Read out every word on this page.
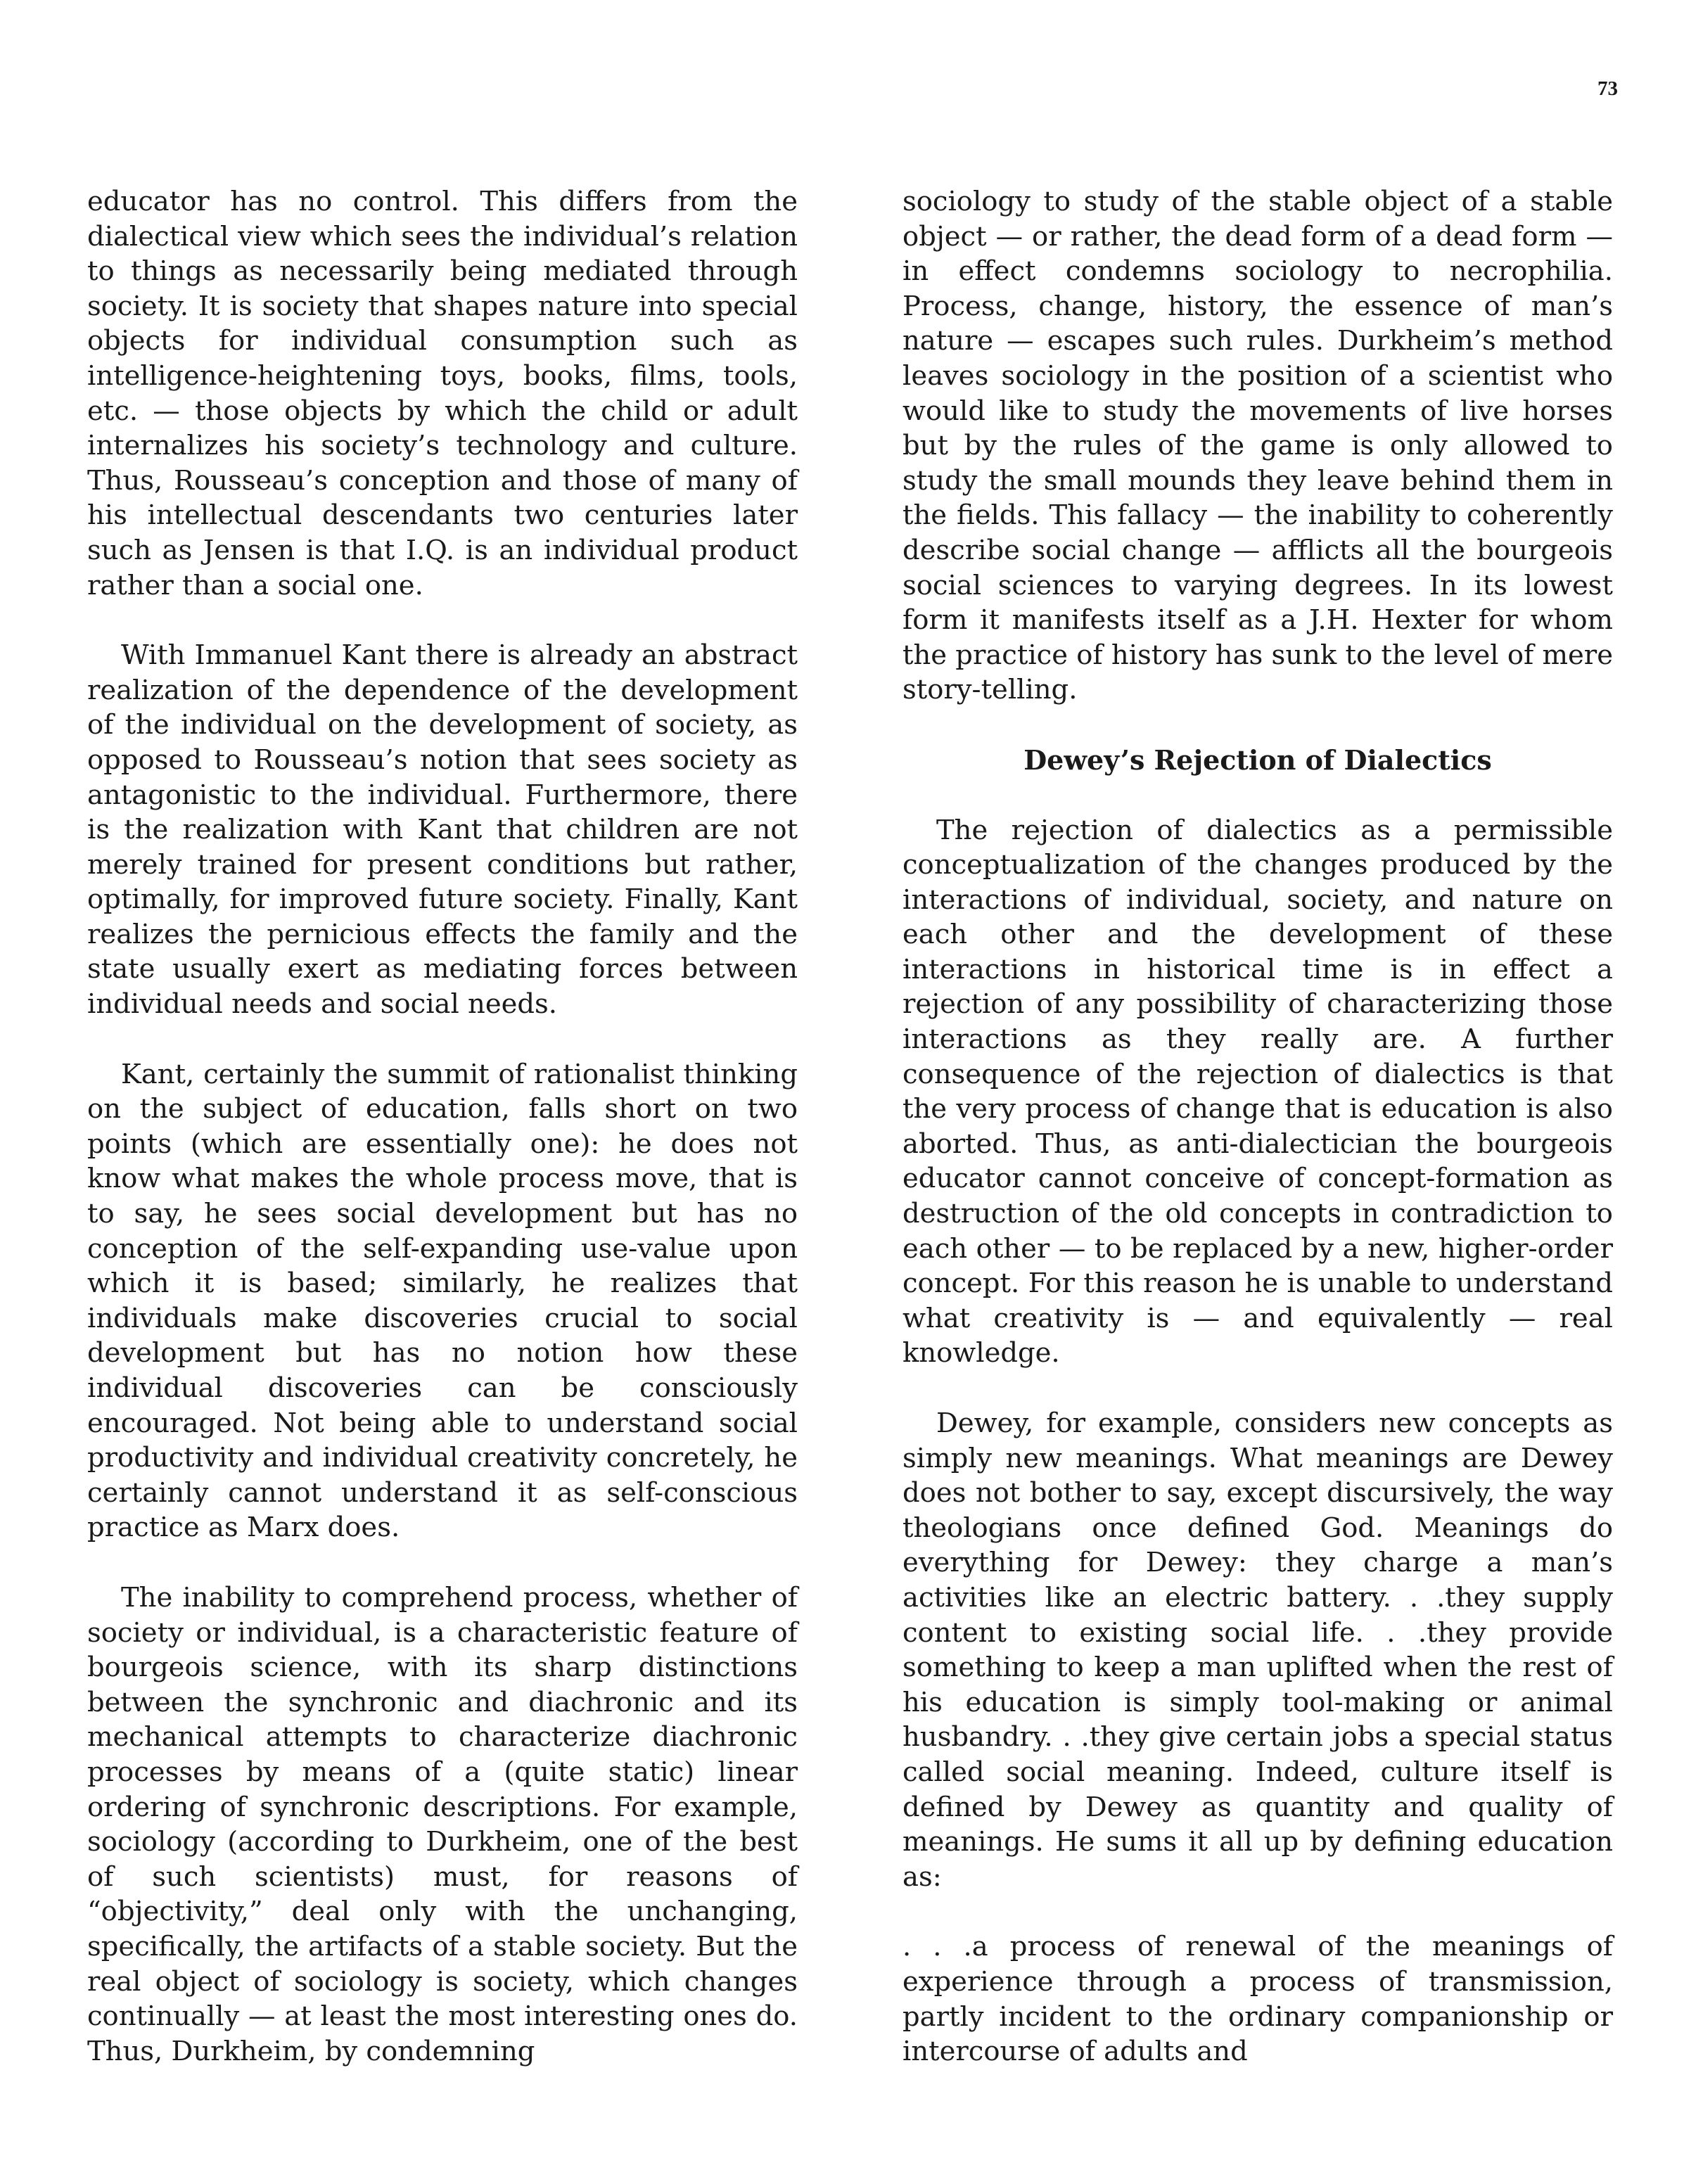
73

educator has no control. This differs from the dialectical view which sees the individual’s relation to things as necessarily being mediated through society. It is society that shapes nature into special objects for individual consumption such as intelligence-heightening toys, books, films, tools, etc. — those objects by which the child or adult internalizes his society’s technology and culture. Thus, Rousseau’s conception and those of many of his intellectual descendants two centuries later such as Jensen is that I.Q. is an individual product rather than a social one.

With Immanuel Kant there is already an abstract realization of the dependence of the development of the individual on the development of society, as opposed to Rousseau’s notion that sees society as antagonistic to the individual. Furthermore, there is the realization with Kant that children are not merely trained for present conditions but rather, optimally, for improved future society. Finally, Kant realizes the pernicious effects the family and the state usually exert as mediating forces between individual needs and social needs.

Kant, certainly the summit of rationalist thinking on the subject of education, falls short on two points (which are essentially one): he does not know what makes the whole process move, that is to say, he sees social development but has no conception of the self-expanding use-value upon which it is based; similarly, he realizes that individuals make discoveries crucial to social development but has no notion how these individual discoveries can be consciously encouraged. Not being able to understand social productivity and individual creativity concretely, he certainly cannot understand it as self-conscious practice as Marx does.

The inability to comprehend process, whether of society or individual, is a characteristic feature of bourgeois science, with its sharp distinctions between the synchronic and diachronic and its mechanical attempts to characterize diachronic processes by means of a (quite static) linear ordering of synchronic descriptions. For example, sociology (according to Durkheim, one of the best of such scientists) must, for reasons of “objectivity,” deal only with the unchanging, specifically, the artifacts of a stable society. But the real object of sociology is society, which changes continually — at least the most interesting ones do. Thus, Durkheim, by condemning

sociology to study of the stable object of a stable object — or rather, the dead form of a dead form — in effect condemns sociology to necrophilia. Process, change, history, the essence of man’s nature — escapes such rules. Durkheim’s method leaves sociology in the position of a scientist who would like to study the movements of live horses but by the rules of the game is only allowed to study the small mounds they leave behind them in the fields. This fallacy — the inability to coherently describe social change — afflicts all the bourgeois social sciences to varying degrees. In its lowest form it manifests itself as a J.H. Hexter for whom the practice of history has sunk to the level of mere story-telling.

Dewey’s Rejection of Dialectics

The rejection of dialectics as a permissible conceptualization of the changes produced by the interactions of individual, society, and nature on each other and the development of these interactions in historical time is in effect a rejection of any possibility of characterizing those interactions as they really are. A further consequence of the rejection of dialectics is that the very process of change that is education is also aborted. Thus, as anti-dialectician the bourgeois educator cannot conceive of concept-formation as destruction of the old concepts in contradiction to each other — to be replaced by a new, higher-order concept. For this reason he is unable to understand what creativity is — and equivalently — real knowledge.

Dewey, for example, considers new concepts as simply new meanings. What meanings are Dewey does not bother to say, except discursively, the way theologians once defined God. Meanings do everything for Dewey: they charge a man’s activities like an electric battery. . .they supply content to existing social life. . .they provide something to keep a man uplifted when the rest of his education is simply tool-making or animal husbandry. . .they give certain jobs a special status called social meaning. Indeed, culture itself is defined by Dewey as quantity and quality of meanings. He sums it all up by defining education as:

. . .a process of renewal of the meanings of experience through a process of transmission, partly incident to the ordinary companionship or intercourse of adults and
